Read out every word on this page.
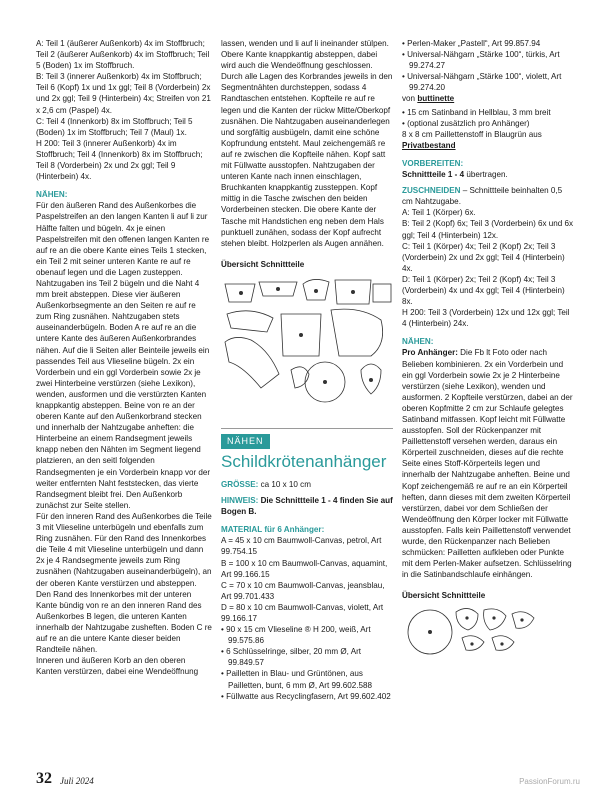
A: Teil 1 (äußerer Außenkorb) 4x im Stoffbruch; Teil 2 (äußerer Außenkorb) 4x im Stoffbruch; Teil 5 (Boden) 1x im Stoffbruch.

B: Teil 3 (innerer Außenkorb) 4x im Stoffbruch; Teil 6 (Kopf) 1x und 1x ggl; Teil 8 (Vorderbein) 2x und 2x ggl; Teil 9 (Hinterbein) 4x; Streifen von 21 x 2,6 cm (Paspel) 4x.

C: Teil 4 (Innenkorb) 8x im Stoffbruch; Teil 5 (Boden) 1x im Stoffbruch; Teil 7 (Maul) 1x.

H 200: Teil 3 (innerer Außenkorb) 4x im Stoffbruch; Teil 4 (Innenkorb) 8x im Stoffbruch; Teil 8 (Vorderbein) 2x und 2x ggl; Teil 9 (Hinterbein) 4x.

NÄHEN:

Für den äußeren Rand des Außenkorbes die Paspelstreifen an den langen Kanten li auf li zur Hälfte falten und bügeln. 4x je einen Paspelstreifen mit den offenen langen Kanten re auf re an die obere Kante eines Teils 1 stecken, ein Teil 2 mit seiner unteren Kante re auf re obenauf legen und die Lagen zusteppen. Nahtzugaben ins Teil 2 bügeln und die Naht 4 mm breit absteppen. Diese vier äußeren Außenkorbsegmente an den Seiten re auf re zum Ring zusnähen. Nahtzugaben stets auseinanderbügeln. Boden A re auf re an die untere Kante des äußeren Außenkorbrandes nähen. Auf die li Seiten aller Beinteile jeweils ein passendes Teil aus Vlieseline bügeln. 2x ein Vorderbein und ein ggl Vorderbein sowie 2x je zwei Hinterbeine verstürzen (siehe Lexikon), wenden, ausformen und die verstürzten Kanten knappkantig absteppen. Beine von re an der oberen Kante auf den Außenkorbrand stecken und innerhalb der Nahtzugabe anheften: die Hinterbeine an einem Randsegment jeweils knapp neben den Nähten im Segment liegend platzieren, an den seitl folgenden Randsegmenten je ein Vorderbein knapp vor der weiter entfernten Naht feststecken, das vierte Randsegment bleibt frei. Den Außenkorb zunächst zur Seite stellen.

Für den inneren Rand des Außenkorbes die Teile 3 mit Vlieseline unterbügeln und ebenfalls zum Ring zusnähen. Für den Rand des Innenkorbes die Teile 4 mit Vlieseline unterbügeln und dann 2x je 4 Randsegmente jeweils zum Ring zusnähen (Nahtzugaben auseinanderbügeln), an der oberen Kante verstürzen und absteppen. Den Rand des Innenkorbes mit der unteren Kante bündig von re an den inneren Rand des Außenkorbes B legen, die unteren Kanten innerhalb der Nahtzugabe zusheften. Boden C re auf re an die untere Kante dieser beiden Randteile nähen.

Inneren und äußeren Korb an den oberen Kanten verstürzen, dabei eine Wendeöffnung

lassen, wenden und li auf li ineinander stülpen. Obere Kante knappkantig absteppen, dabei wird auch die Wendeöffnung geschlossen. Durch alle Lagen des Korbrandes jeweils in den Segmentnähten durchsteppen, sodass 4 Randtaschen entstehen. Kopfteile re auf re legen und die Kanten der rückw Mitte/Oberkopf zusnähen. Die Nahtzugaben auseinanderlegen und sorgfältig ausbügeln, damit eine schöne Kopfrundung entsteht. Maul zeichengemäß re auf re zwischen die Kopfteile nähen. Kopf satt mit Füllwatte ausstopfen. Nahtzugaben der unteren Kante nach innen einschlagen, Bruchkanten knappkantig zussteppen. Kopf mittig in die Tasche zwischen den beiden Vorderbeinen stecken. Die obere Kante der Tasche mit Handstichen eng neben dem Hals punktuell zunähen, sodass der Kopf aufrecht stehen bleibt. Holzperlen als Augen annähen.

Übersicht Schnittteile

NÄHEN
Schildkrötenanhänger

GRÖSSE: ca 10 x 10 cm

HINWEIS: Die Schnittteile 1 - 4 finden Sie auf Bogen B.

MATERIAL für 6 Anhänger:

A = 45 x 10 cm Baumwoll-Canvas, petrol, Art 99.754.15

B = 100 x 10 cm Baumwoll-Canvas, aquamint, Art 99.166.15

C = 70 x 10 cm Baumwoll-Canvas, jeansblau, Art 99.701.433

D = 80 x 10 cm Baumwoll-Canvas, violett, Art 99.166.17

• 90 x 15 cm Vlieseline ® H 200, weiß, Art 99.575.86

• 6 Schlüsselringe, silber, 20 mm Ø, Art 99.849.57

• Pailletten in Blau- und Grüntönen, aus Pailletten, bunt, 6 mm Ø, Art 99.602.588

• Füllwatte aus Recyclingfasern, Art 99.602.402

• Perlen-Maker „Pastell“, Art 99.857.94

• Universal-Nähgarn „Stärke 100“, türkis, Art 99.274.27

• Universal-Nähgarn „Stärke 100“, violett, Art 99.274.20

von buttinette

• 15 cm Satinband in Hellblau, 3 mm breit

• (optional zusätzlich pro Anhänger)

8 x 8 cm Paillettenstoff in Blaugrün aus Privatbestand

VORBEREITEN:

Schnittteile 1 - 4 übertragen.

ZUSCHNEIDEN – Schnittteile beinhalten 0,5 cm Nahtzugabe.

A: Teil 1 (Körper) 6x.

B: Teil 2 (Kopf) 6x; Teil 3 (Vorderbein) 6x und 6x ggl; Teil 4 (Hinterbein) 12x.

C: Teil 1 (Körper) 4x; Teil 2 (Kopf) 2x; Teil 3 (Vorderbein) 2x und 2x ggl; Teil 4 (Hinterbein) 4x.

D: Teil 1 (Körper) 2x; Teil 2 (Kopf) 4x; Teil 3 (Vorderbein) 4x und 4x ggl; Teil 4 (Hinterbein) 8x.

H 200: Teil 3 (Vorderbein) 12x und 12x ggl; Teil 4 (Hinterbein) 24x.

NÄHEN:

Pro Anhänger: Die Fb lt Foto oder nach Belieben kombinieren. 2x ein Vorderbein und ein ggl Vorderbein sowie 2x je 2 Hinterbeine verstürzen (siehe Lexikon), wenden und ausformen. 2 Kopfteile verstürzen, dabei an der oberen Kopfmitte 2 cm zur Schlaufe gelegtes Satinband mitfassen. Kopf leicht mit Füllwatte ausstopfen. Soll der Rückenpanzer mit Paillettenstoff versehen werden, daraus ein Körperteil zuschneiden, dieses auf die rechte Seite eines Stoff-Körperteils legen und innerhalb der Nahtzugabe anheften. Beine und Kopf zeichengemäß re auf re an ein Körperteil heften, dann dieses mit dem zweiten Körperteil verstürzen, dabei vor dem Schließen der Wendeöffnung den Körper locker mit Füllwatte ausstopfen. Falls kein Paillettenstoff verwendet wurde, den Rückenpanzer nach Belieben schmücken: Pailletten aufkleben oder Punkte mit dem Perlen-Maker aufsetzen. Schlüsselring in die Satinbandschlaufe einhängen.

Übersicht Schnittteile

32 Juli 2024	PassionForum.ru
